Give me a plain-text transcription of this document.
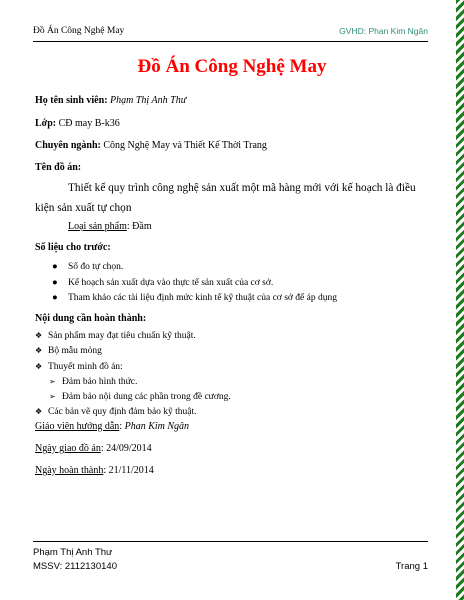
Đồ Án Công Nghệ May	GVHD: Phan Kim Ngân
Đồ Án Công Nghệ May
Họ tên sinh viên: Phạm Thị Anh Thư
Lớp: CĐ may B-k36
Chuyên ngành: Công Nghệ May và Thiết Kế Thời Trang
Tên đồ án:
Thiết kế quy trình công nghệ sản xuất một mã hàng mới với kế hoạch là điều kiện sản xuất tự chọn
Loại sản phẩm: Đầm
Số liệu cho trước:
● Số đo tự chọn.
● Kế hoạch sản xuất dựa vào thực tế sản xuất của cơ sở.
● Tham khảo các tài liệu định mức kinh tế kỹ thuật của cơ sở để áp dụng
Nội dung cần hoàn thành:
❖ Sản phẩm may đạt tiêu chuẩn kỹ thuật.
❖ Bộ mẫu mỏng
❖ Thuyết minh đồ án:
➢ Đảm bảo hình thức.
➢ Đảm bảo nội dung các phần trong đề cương.
❖ Các bản vẽ quy định đảm bảo kỹ thuật.
Giáo viên hướng dẫn: Phan Kim Ngân
Ngày giao đồ án: 24/09/2014
Ngày hoàn thành: 21/11/2014
Phạm Thị Anh Thư
MSSV: 2112130140	Trang 1
